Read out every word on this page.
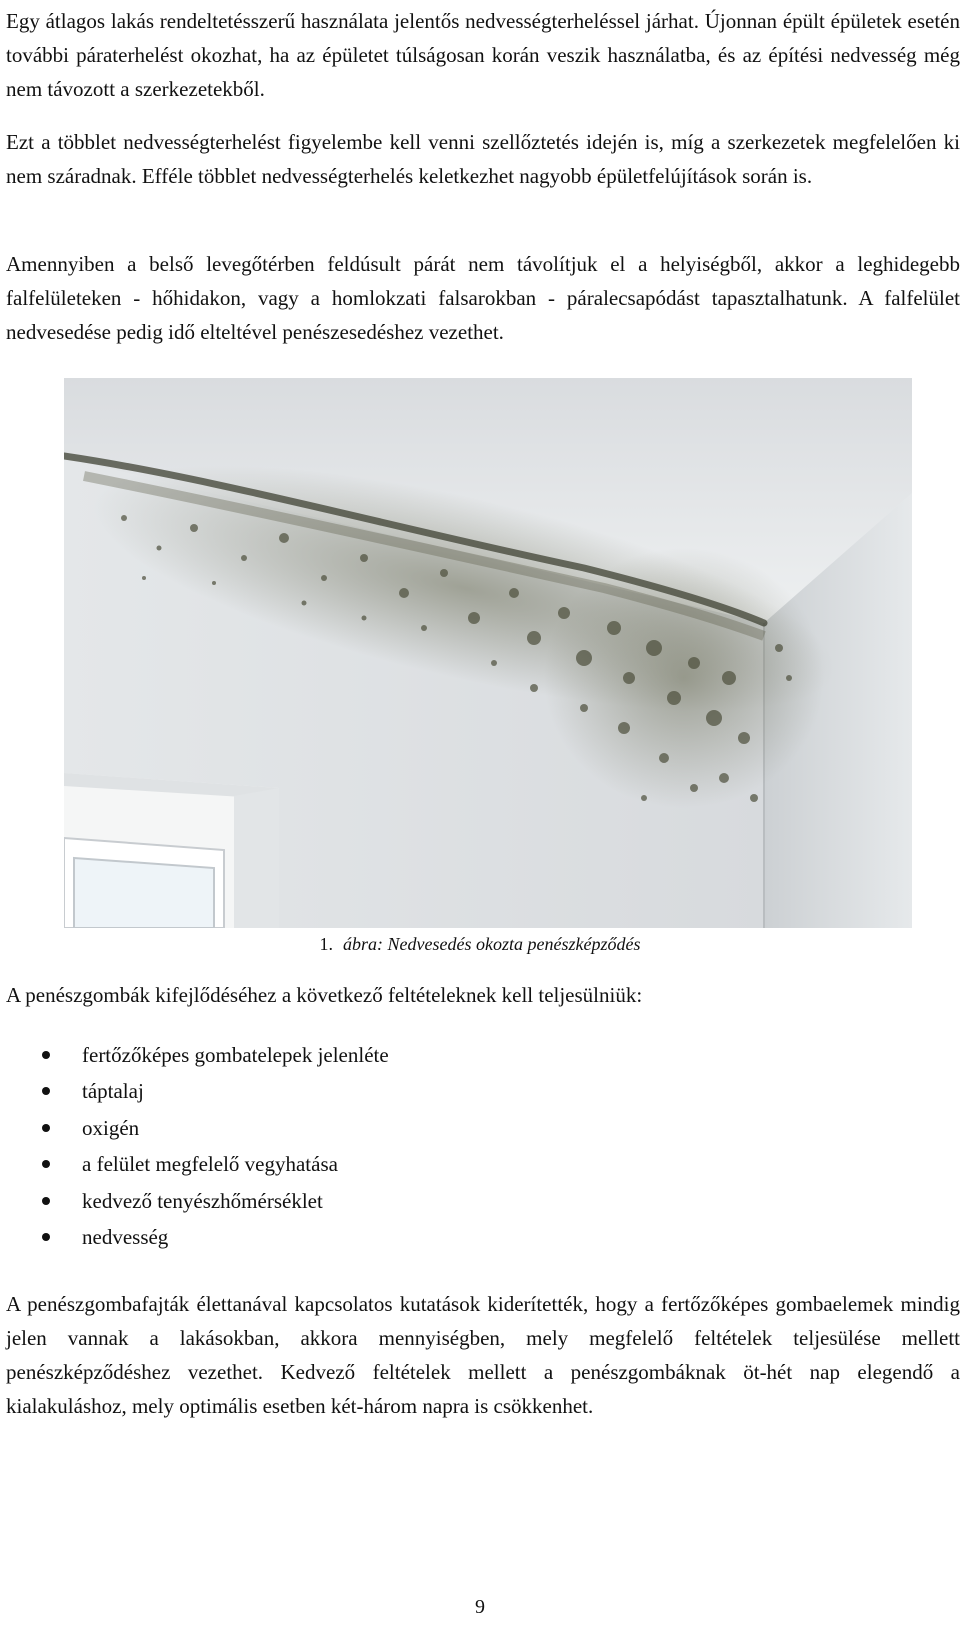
Egy átlagos lakás rendeltetésszerű használata jelentős nedvességterheléssel járhat. Újonnan épült épületek esetén további páraterhelést okozhat, ha az épületet túlságosan korán veszik használatba, és az építési nedvesség még nem távozott a szerkezetekből.

Ezt a többlet nedvességterhelést figyelembe kell venni szellőztetés idején is, míg a szerkezetek megfelelően ki nem száradnak. Efféle többlet nedvességterhelés keletkezhet nagyobb épületfelújítások során is.

Amennyiben a belső levegőtérben feldúsult párát nem távolítjuk el a helyiségből, akkor a leghidegebb falfelületeken - hőhidakon, vagy a homlokzati falsarokban - páralecsapódást tapasztalhatunk. A falfelület nedvesedése pedig idő elteltével penészesedéshez vezethet.

1. ábra: Nedvesedés okozta penészképződés

A penészgombák kifejlődéséhez a következő feltételeknek kell teljesülniük:

fertőzőképes gombatelepek jelenléte
táptalaj
oxigén
a felület megfelelő vegyhatása
kedvező tenyészhőmérséklet
nedvesség

A penészgombafajták élettanával kapcsolatos kutatások kiderítették, hogy a fertőzőképes gombaelemek mindig jelen vannak a lakásokban, akkora mennyiségben, mely megfelelő feltételek teljesülése mellett penészképződéshez vezethet. Kedvező feltételek mellett a penészgombáknak öt-hét nap elegendő a kialakuláshoz, mely optimális esetben két-három napra is csökkenhet.

9
